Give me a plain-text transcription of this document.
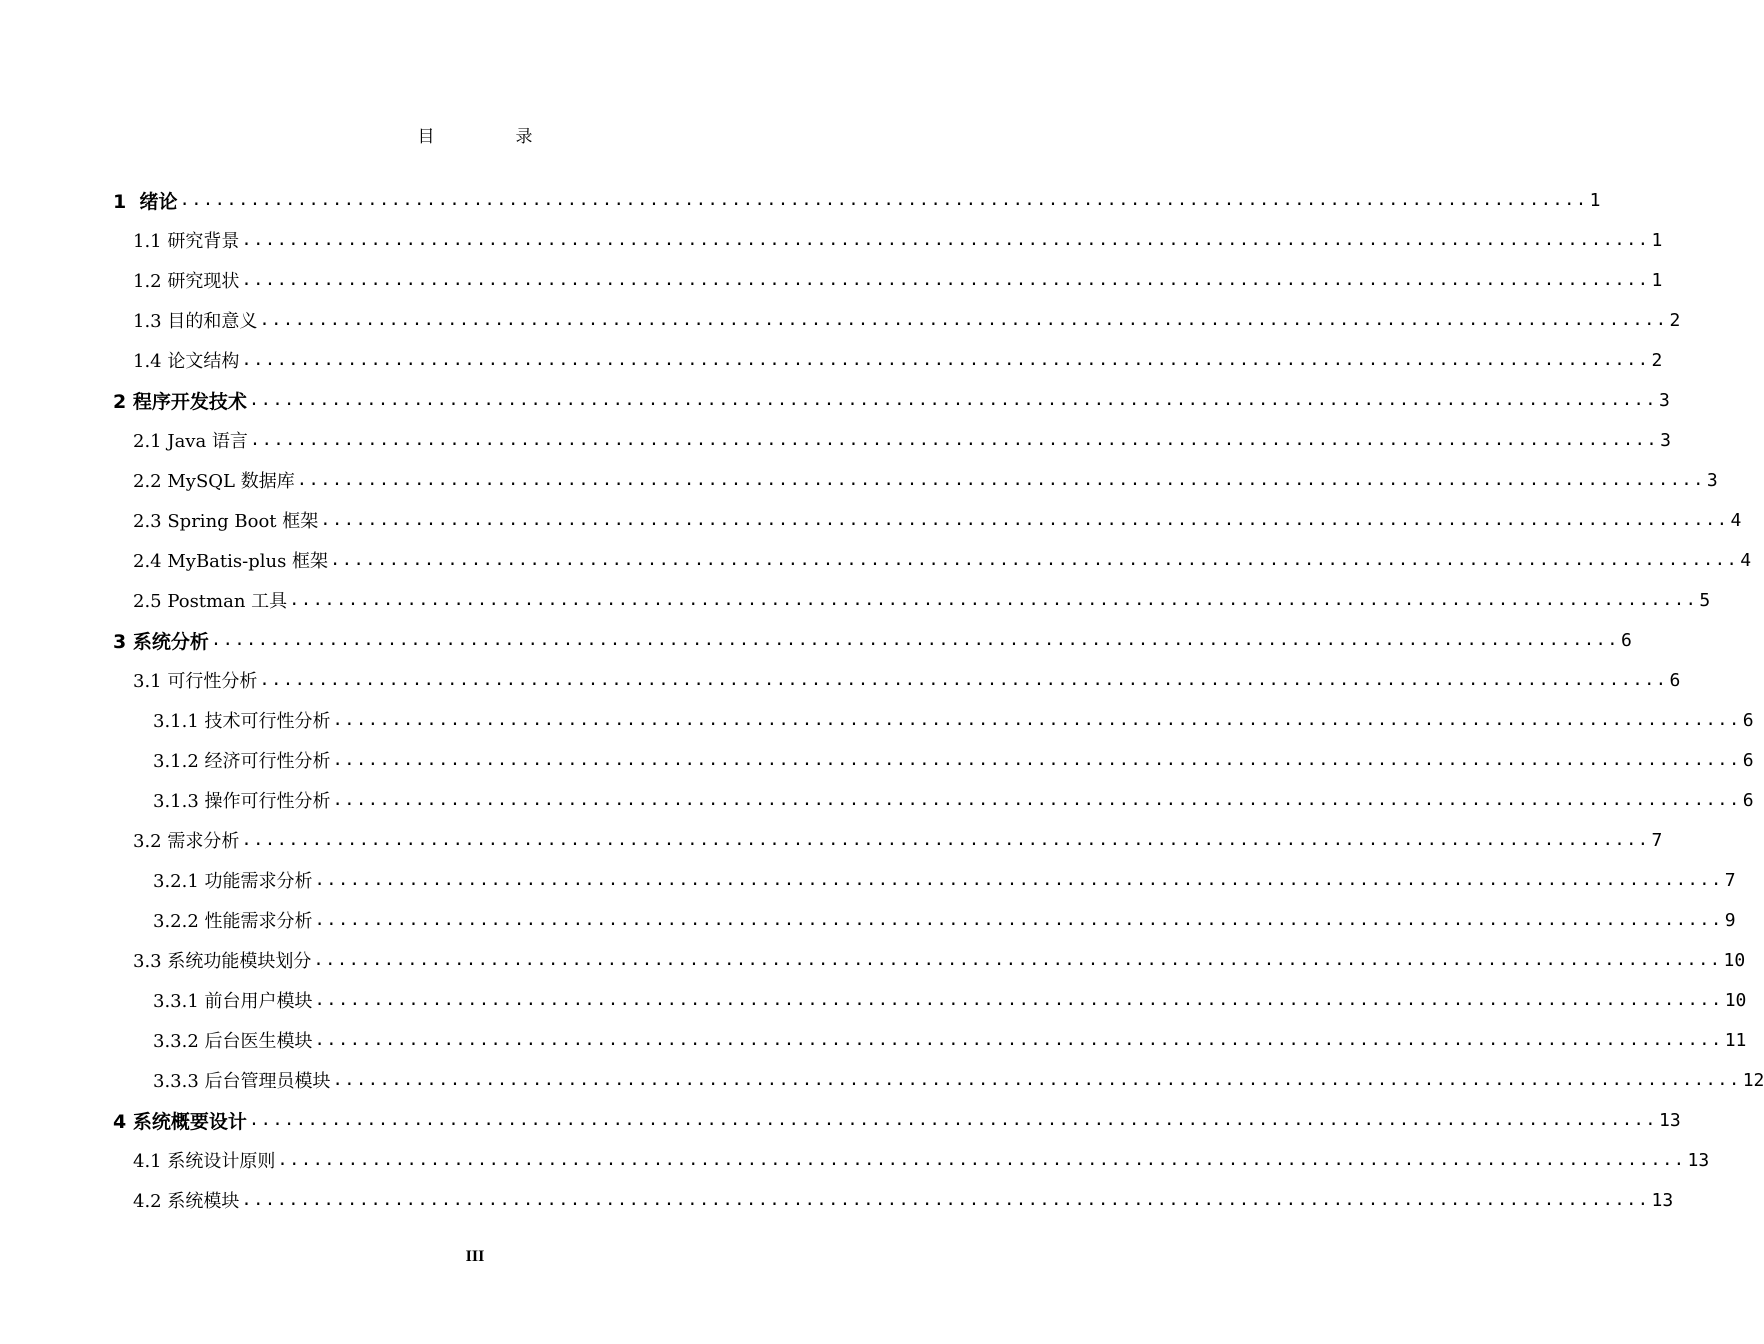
目　录
1  绪论 ........................................................................................................................ 1
1.1 研究背景 ........................................................................................................................ 1
1.2 研究现状 ........................................................................................................................ 1
1.3 目的和意义 ........................................................................................................................ 2
1.4 论文结构 ........................................................................................................................ 2
2 程序开发技术 ........................................................................................................................ 3
2.1 Java 语言 ........................................................................................................................ 3
2.2 MySQL 数据库 ........................................................................................................................ 3
2.3 Spring Boot 框架 ........................................................................................................................ 4
2.4 MyBatis-plus 框架 ........................................................................................................................ 4
2.5 Postman 工具 ........................................................................................................................ 5
3 系统分析 ........................................................................................................................ 6
3.1 可行性分析 ........................................................................................................................ 6
3.1.1 技术可行性分析 ........................................................................................................................ 6
3.1.2 经济可行性分析 ........................................................................................................................ 6
3.1.3 操作可行性分析 ........................................................................................................................ 6
3.2 需求分析 ........................................................................................................................ 7
3.2.1 功能需求分析 ........................................................................................................................ 7
3.2.2 性能需求分析 ........................................................................................................................ 9
3.3 系统功能模块划分 ........................................................................................................................ 10
3.3.1 前台用户模块 ........................................................................................................................ 10
3.3.2 后台医生模块 ........................................................................................................................ 11
3.3.3 后台管理员模块 ........................................................................................................................ 12
4 系统概要设计 ........................................................................................................................ 13
4.1 系统设计原则 ........................................................................................................................ 13
4.2 系统模块 ........................................................................................................................ 13
III
